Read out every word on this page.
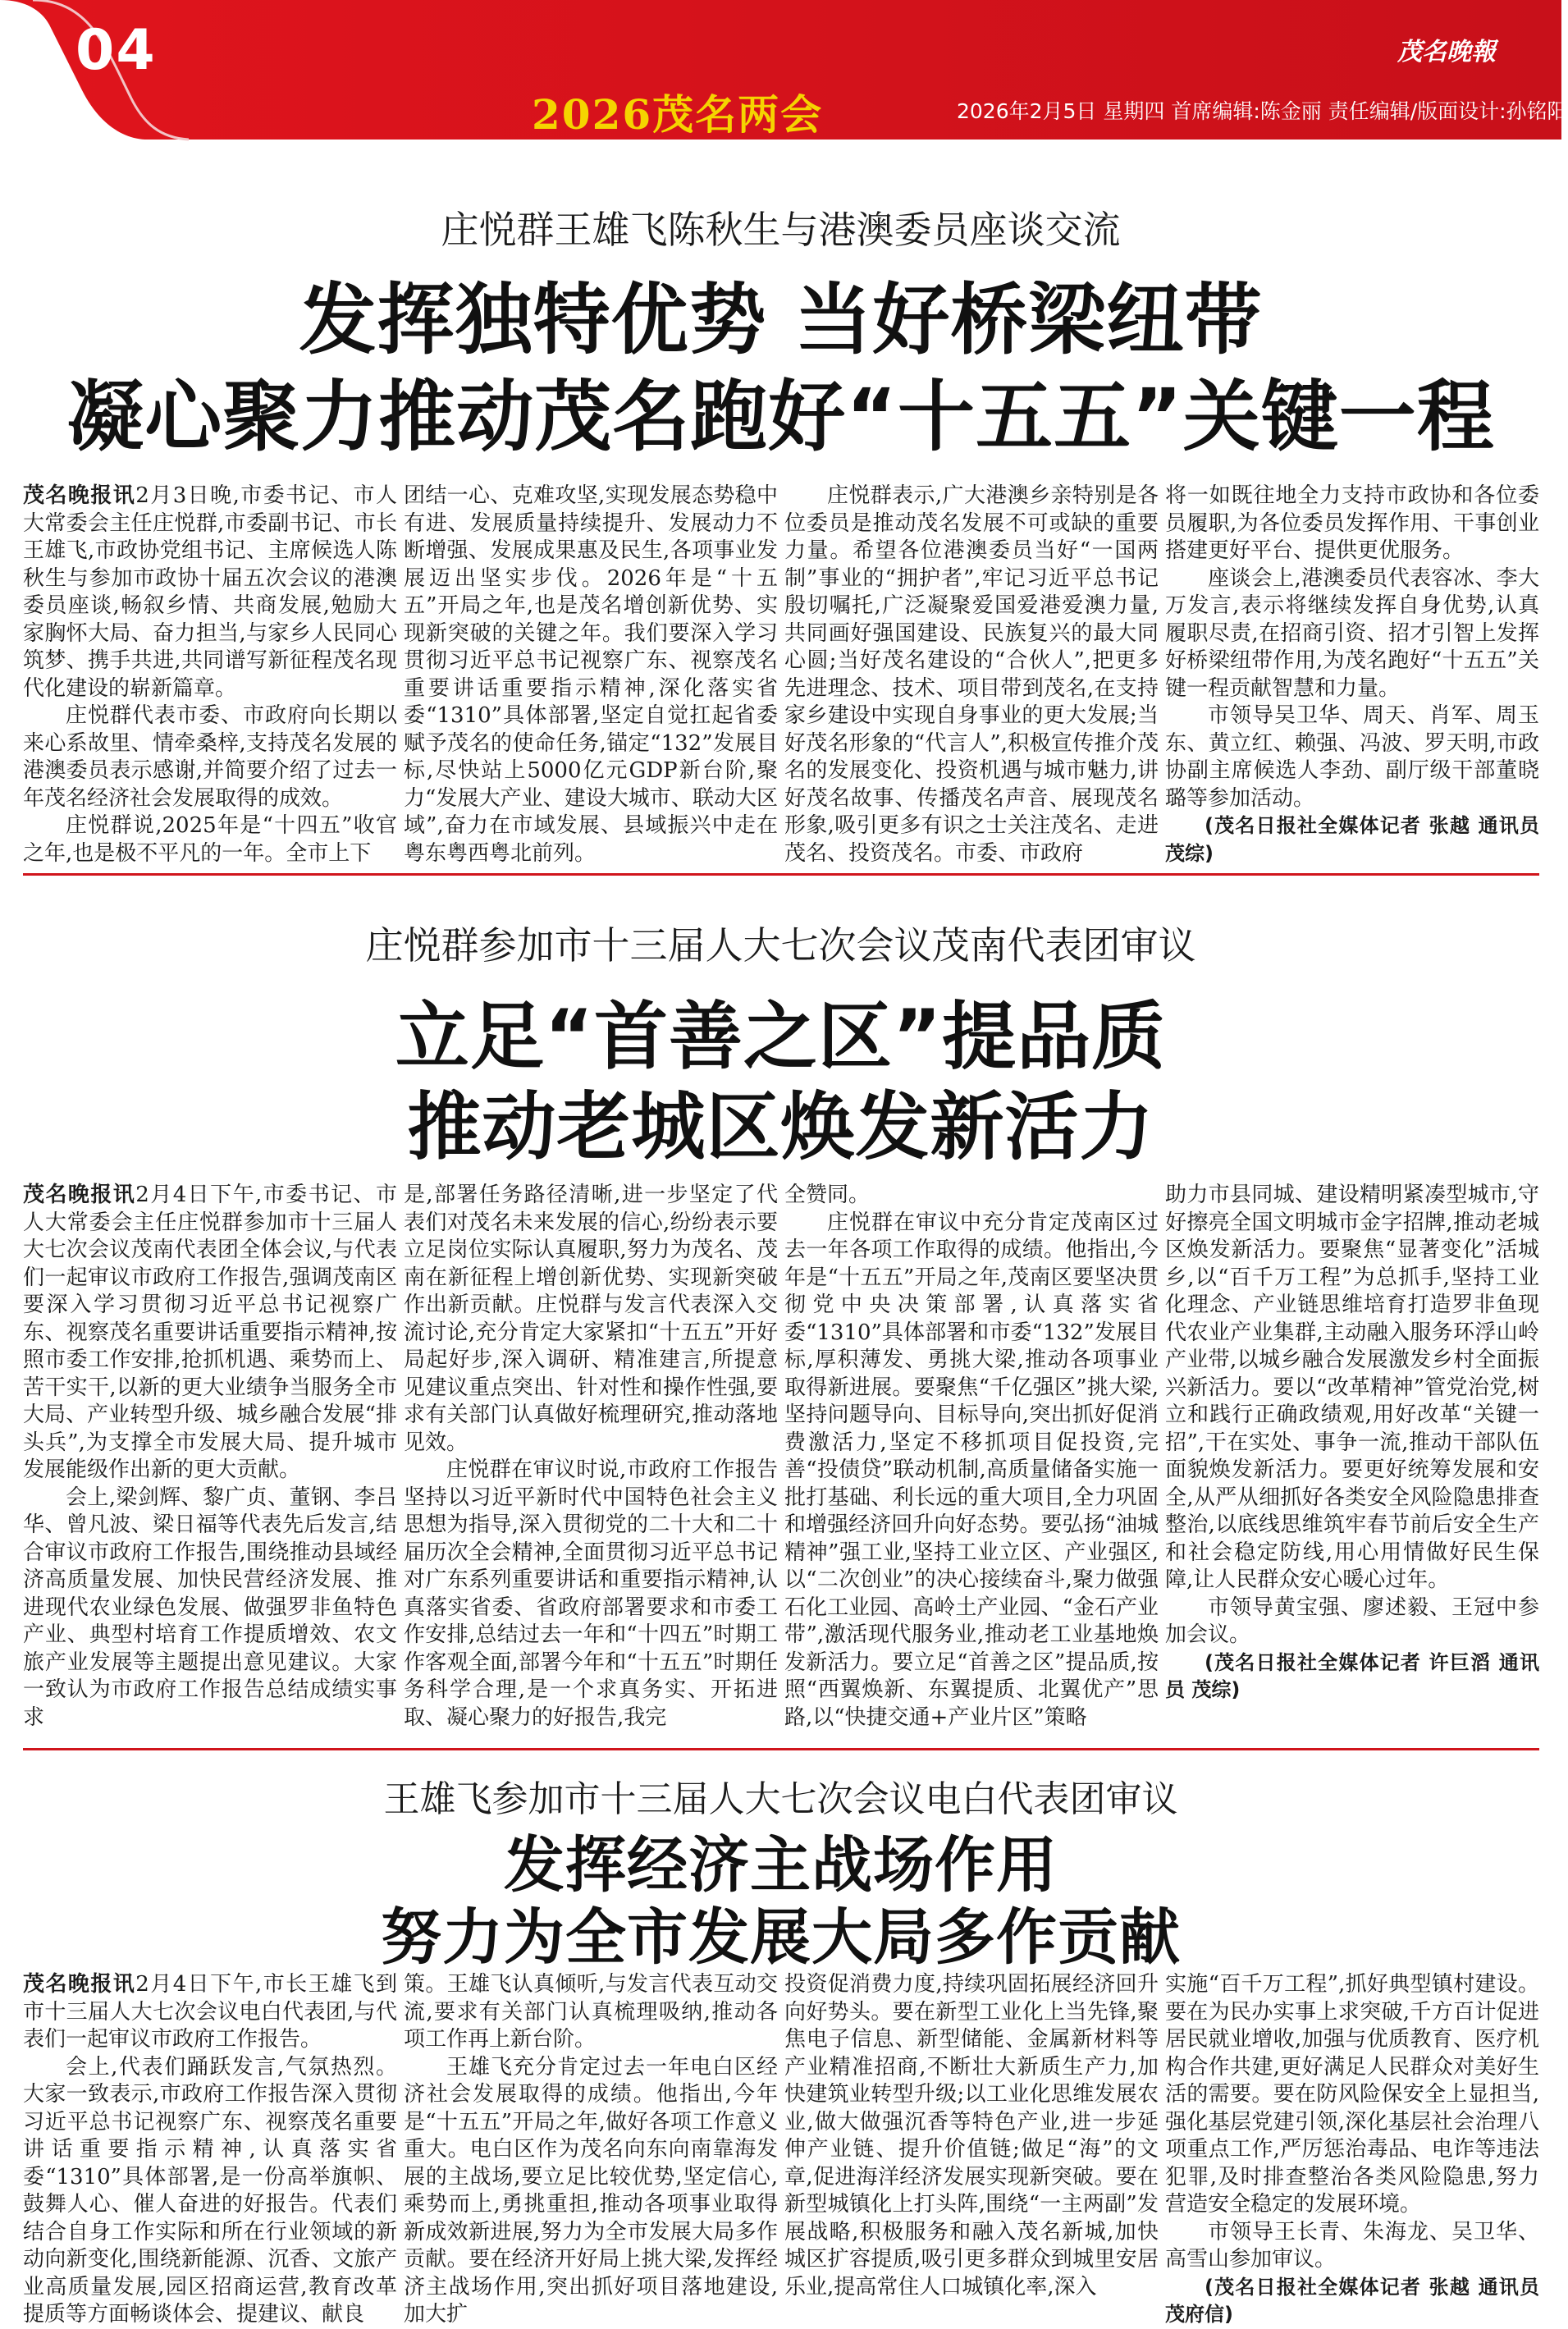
04	茂名晚報
2026茂名两会	2026年2月5日 星期四 首席编辑:陈金丽 责任编辑/版面设计:孙铭阳
庄悦群王雄飞陈秋生与港澳委员座谈交流
发挥独特优势 当好桥梁纽带
凝心聚力推动茂名跑好“十五五”关键一程

茂名晚报讯2月3日晚,市委书记、市人大常委会主任庄悦群,市委副书记、市长王雄飞,市政协党组书记、主席候选人陈秋生与参加市政协十届五次会议的港澳委员座谈,畅叙乡情、共商发展,勉励大家胸怀大局、奋力担当,与家乡人民同心筑梦、携手共进,共同谱写新征程茂名现代化建设的崭新篇章。

庄悦群代表市委、市政府向长期以来心系故里、情牵桑梓,支持茂名发展的港澳委员表示感谢,并简要介绍了过去一年茂名经济社会发展取得的成效。

庄悦群说,2025年是“十四五”收官之年,也是极不平凡的一年。全市上下

团结一心、克难攻坚,实现发展态势稳中有进、发展质量持续提升、发展动力不断增强、发展成果惠及民生,各项事业发展迈出坚实步伐。2026年是“十五五”开局之年,也是茂名增创新优势、实现新突破的关键之年。我们要深入学习贯彻习近平总书记视察广东、视察茂名重要讲话重要指示精神,深化落实省委“1310”具体部署,坚定自觉扛起省委赋予茂名的使命任务,锚定“132”发展目标,尽快站上5000亿元GDP新台阶,聚力“发展大产业、建设大城市、联动大区域”,奋力在市域发展、县域振兴中走在粤东粤西粤北前列。

庄悦群表示,广大港澳乡亲特别是各位委员是推动茂名发展不可或缺的重要力量。希望各位港澳委员当好“一国两制”事业的“拥护者”,牢记习近平总书记殷切嘱托,广泛凝聚爱国爱港爱澳力量,共同画好强国建设、民族复兴的最大同心圆;当好茂名建设的“合伙人”,把更多先进理念、技术、项目带到茂名,在支持家乡建设中实现自身事业的更大发展;当好茂名形象的“代言人”,积极宣传推介茂名的发展变化、投资机遇与城市魅力,讲好茂名故事、传播茂名声音、展现茂名形象,吸引更多有识之士关注茂名、走进茂名、投资茂名。市委、市政府

将一如既往地全力支持市政协和各位委员履职,为各位委员发挥作用、干事创业搭建更好平台、提供更优服务。

座谈会上,港澳委员代表容冰、李大万发言,表示将继续发挥自身优势,认真履职尽责,在招商引资、招才引智上发挥好桥梁纽带作用,为茂名跑好“十五五”关键一程贡献智慧和力量。

市领导吴卫华、周天、肖军、周玉东、黄立红、赖强、冯波、罗天明,市政协副主席候选人李劲、副厅级干部董晓璐等参加活动。

(茂名日报社全媒体记者 张越 通讯员 茂综)

庄悦群参加市十三届人大七次会议茂南代表团审议
立足“首善之区”提品质
推动老城区焕发新活力

茂名晚报讯2月4日下午,市委书记、市人大常委会主任庄悦群参加市十三届人大七次会议茂南代表团全体会议,与代表们一起审议市政府工作报告,强调茂南区要深入学习贯彻习近平总书记视察广东、视察茂名重要讲话重要指示精神,按照市委工作安排,抢抓机遇、乘势而上、苦干实干,以新的更大业绩争当服务全市大局、产业转型升级、城乡融合发展“排头兵”,为支撑全市发展大局、提升城市发展能级作出新的更大贡献。

会上,梁剑辉、黎广贞、董钢、李吕华、曾凡波、梁日福等代表先后发言,结合审议市政府工作报告,围绕推动县域经济高质量发展、加快民营经济发展、推进现代农业绿色发展、做强罗非鱼特色产业、典型村培育工作提质增效、农文旅产业发展等主题提出意见建议。大家一致认为市政府工作报告总结成绩实事求

是,部署任务路径清晰,进一步坚定了代表们对茂名未来发展的信心,纷纷表示要立足岗位实际认真履职,努力为茂名、茂南在新征程上增创新优势、实现新突破作出新贡献。庄悦群与发言代表深入交流讨论,充分肯定大家紧扣“十五五”开好局起好步,深入调研、精准建言,所提意见建议重点突出、针对性和操作性强,要求有关部门认真做好梳理研究,推动落地见效。

庄悦群在审议时说,市政府工作报告坚持以习近平新时代中国特色社会主义思想为指导,深入贯彻党的二十大和二十届历次全会精神,全面贯彻习近平总书记对广东系列重要讲话和重要指示精神,认真落实省委、省政府部署要求和市委工作安排,总结过去一年和“十四五”时期工作客观全面,部署今年和“十五五”时期任务科学合理,是一个求真务实、开拓进取、凝心聚力的好报告,我完

全赞同。

庄悦群在审议中充分肯定茂南区过去一年各项工作取得的成绩。他指出,今年是“十五五”开局之年,茂南区要坚决贯彻党中央决策部署,认真落实省委“1310”具体部署和市委“132”发展目标,厚积薄发、勇挑大梁,推动各项事业取得新进展。要聚焦“千亿强区”挑大梁,坚持问题导向、目标导向,突出抓好促消费激活力,坚定不移抓项目促投资,完善“投债贷”联动机制,高质量储备实施一批打基础、利长远的重大项目,全力巩固和增强经济回升向好态势。要弘扬“油城精神”强工业,坚持工业立区、产业强区,以“二次创业”的决心接续奋斗,聚力做强石化工业园、高岭土产业园、“金石产业带”,激活现代服务业,推动老工业基地焕发新活力。要立足“首善之区”提品质,按照“西翼焕新、东翼提质、北翼优产”思路,以“快捷交通+产业片区”策略

助力市县同城、建设精明紧凑型城市,守好擦亮全国文明城市金字招牌,推动老城区焕发新活力。要聚焦“显著变化”活城乡,以“百千万工程”为总抓手,坚持工业化理念、产业链思维培育打造罗非鱼现代农业产业集群,主动融入服务环浮山岭产业带,以城乡融合发展激发乡村全面振兴新活力。要以“改革精神”管党治党,树立和践行正确政绩观,用好改革“关键一招”,干在实处、事争一流,推动干部队伍面貌焕发新活力。要更好统筹发展和安全,从严从细抓好各类安全风险隐患排查整治,以底线思维筑牢春节前后安全生产和社会稳定防线,用心用情做好民生保障,让人民群众安心暖心过年。

市领导黄宝强、廖述毅、王冠中参加会议。

(茂名日报社全媒体记者 许巨滔 通讯员 茂综)

王雄飞参加市十三届人大七次会议电白代表团审议
发挥经济主战场作用
努力为全市发展大局多作贡献

茂名晚报讯2月4日下午,市长王雄飞到市十三届人大七次会议电白代表团,与代表们一起审议市政府工作报告。

会上,代表们踊跃发言,气氛热烈。大家一致表示,市政府工作报告深入贯彻习近平总书记视察广东、视察茂名重要讲话重要指示精神,认真落实省委“1310”具体部署,是一份高举旗帜、鼓舞人心、催人奋进的好报告。代表们结合自身工作实际和所在行业领域的新动向新变化,围绕新能源、沉香、文旅产业高质量发展,园区招商运营,教育改革提质等方面畅谈体会、提建议、献良

策。王雄飞认真倾听,与发言代表互动交流,要求有关部门认真梳理吸纳,推动各项工作再上新台阶。

王雄飞充分肯定过去一年电白区经济社会发展取得的成绩。他指出,今年是“十五五”开局之年,做好各项工作意义重大。电白区作为茂名向东向南靠海发展的主战场,要立足比较优势,坚定信心,乘势而上,勇挑重担,推动各项事业取得新成效新进展,努力为全市发展大局多作贡献。要在经济开好局上挑大梁,发挥经济主战场作用,突出抓好项目落地建设,加大扩

投资促消费力度,持续巩固拓展经济回升向好势头。要在新型工业化上当先锋,聚焦电子信息、新型储能、金属新材料等产业精准招商,不断壮大新质生产力,加快建筑业转型升级;以工业化思维发展农业,做大做强沉香等特色产业,进一步延伸产业链、提升价值链;做足“海”的文章,促进海洋经济发展实现新突破。要在新型城镇化上打头阵,围绕“一主两副”发展战略,积极服务和融入茂名新城,加快城区扩容提质,吸引更多群众到城里安居乐业,提高常住人口城镇化率,深入

实施“百千万工程”,抓好典型镇村建设。要在为民办实事上求突破,千方百计促进居民就业增收,加强与优质教育、医疗机构合作共建,更好满足人民群众对美好生活的需要。要在防风险保安全上显担当,强化基层党建引领,深化基层社会治理八项重点工作,严厉惩治毒品、电诈等违法犯罪,及时排查整治各类风险隐患,努力营造安全稳定的发展环境。

市领导王长青、朱海龙、吴卫华、高雪山参加审议。

(茂名日报社全媒体记者 张越 通讯员 茂府信)
